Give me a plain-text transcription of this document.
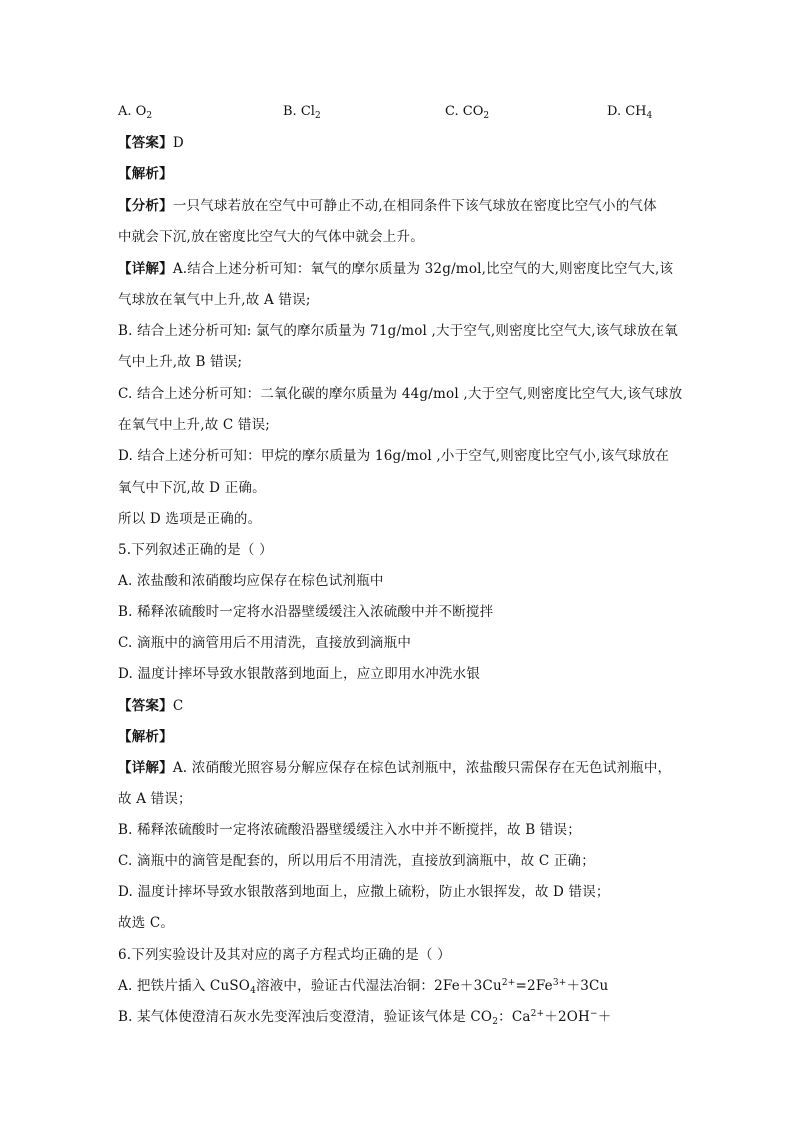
A. $O_2$	B. $Cl_2$	C. $CO_2$	D. $CH_4$
【答案】D
【解析】
【分析】一只气球若放在空气中可静止不动,在相同条件下该气球放在密度比空气小的气体
中就会下沉,放在密度比空气大的气体中就会上升。
【详解】A.结合上述分析可知：氧气的摩尔质量为 32g/mol,比空气的大,则密度比空气大,该
气球放在氧气中上升,故 A 错误;
B. 结合上述分析可知: 氯气的摩尔质量为 71g/mol ,大于空气,则密度比空气大,该气球放在氧
气中上升,故 B 错误;
C. 结合上述分析可知：二氧化碳的摩尔质量为 44g/mol ,大于空气,则密度比空气大,该气球放
在氧气中上升,故 C 错误;
D. 结合上述分析可知：甲烷的摩尔质量为 16g/mol ,小于空气,则密度比空气小,该气球放在
氧气中下沉,故 D 正确。
所以 D 选项是正确的。
5.下列叙述正确的是（ ）
A. 浓盐酸和浓硝酸均应保存在棕色试剂瓶中
B. 稀释浓硫酸时一定将水沿器壁缓缓注入浓硫酸中并不断搅拌
C. 滴瓶中的滴管用后不用清洗，直接放到滴瓶中
D. 温度计摔坏导致水银散落到地面上，应立即用水冲洗水银
【答案】C
【解析】
【详解】A. 浓硝酸光照容易分解应保存在棕色试剂瓶中，浓盐酸只需保存在无色试剂瓶中，
故 A 错误；
B. 稀释浓硫酸时一定将浓硫酸沿器壁缓缓注入水中并不断搅拌，故 B 错误；
C. 滴瓶中的滴管是配套的，所以用后不用清洗，直接放到滴瓶中，故 C 正确；
D. 温度计摔坏导致水银散落到地面上，应撒上硫粉，防止水银挥发，故 D 错误；
故选 C。
6.下列实验设计及其对应的离子方程式均正确的是（ ）
A. 把铁片插入 CuSO$_4$溶液中，验证古代湿法冶铜：$2Fe+3Cu^{2+}=2Fe^{3+}+3Cu$
B. 某气体使澄清石灰水先变浑浊后变澄清，验证该气体是 $CO_2$：$Ca^{2+}+2OH^-+$
